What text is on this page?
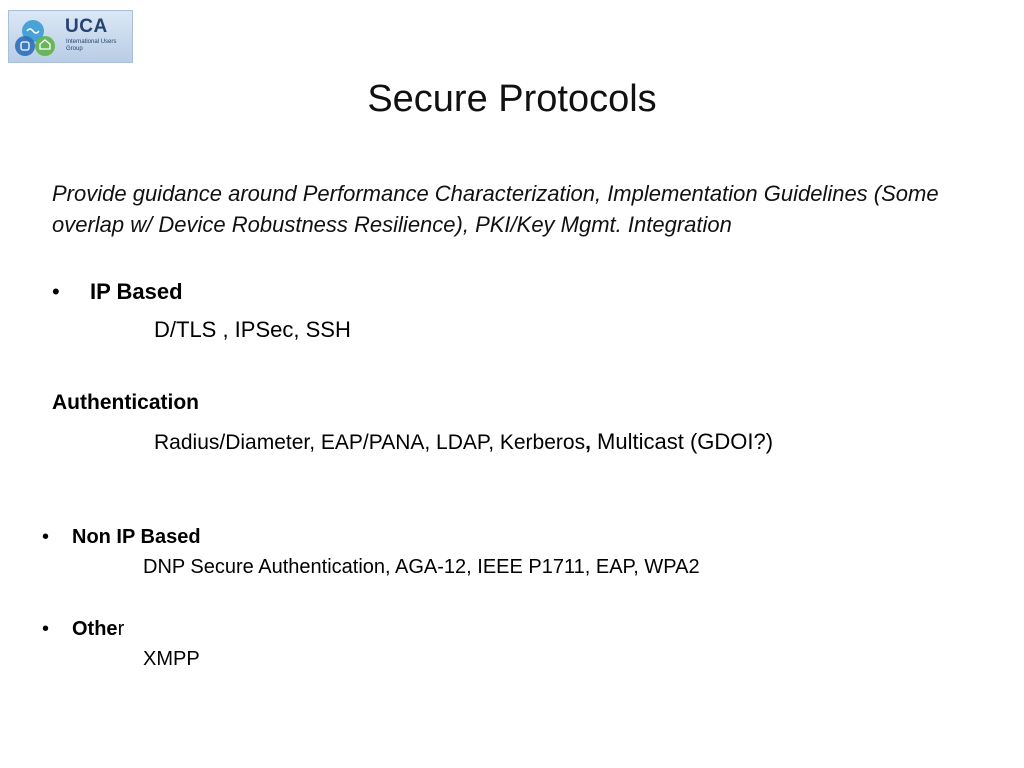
UCA
International Users Group
Secure Protocols
Provide guidance around Performance Characterization, Implementation Guidelines (Some overlap w/ Device Robustness Resilience), PKI/Key Mgmt. Integration
• IP Based
D/TLS , IPSec, SSH
Authentication
Radius/Diameter, EAP/PANA, LDAP, Kerberos, Multicast (GDOI?)
• Non IP Based
DNP Secure Authentication, AGA-12, IEEE P1711, EAP, WPA2
• Other
XMPP
